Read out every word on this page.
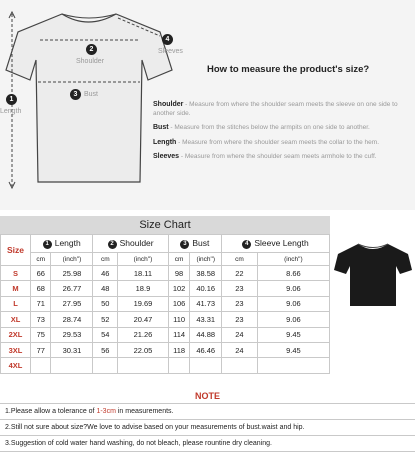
1
Length
2
Shoulder
3 Bust
4
Sleeves
How to measure the product's size?
Shoulder - Measure from where the shoulder seam meets the sleeve on one side to another side.
Bust - Measure from the stitches below the armpits on one side to another.
Length - Measure from where the shoulder seam meets the collar to the hem.
Sleeves - Measure from where the shoulder seam meets armhole to the cuff.
Size Chart
Size	1 Length		2 Shoulder		3 Bust		4 Sleeve Length	
	cm	(inch")	cm	(inch")	cm	(inch")	cm	(inch")
S	66	25.98	46	18.11	98	38.58	22	8.66
M	68	26.77	48	18.9	102	40.16	23	9.06
L	71	27.95	50	19.69	106	41.73	23	9.06
XL	73	28.74	52	20.47	110	43.31	23	9.06
2XL	75	29.53	54	21.26	114	44.88	24	9.45
3XL	77	30.31	56	22.05	118	46.46	24	9.45
4XL								
NOTE
1.Please allow a tolerance of 1-3cm in measurements.
2.Still not sure about size?We love to advise based on your measurements of bust.waist and hip.
3.Suggestion of cold water hand washing, do not bleach, please rountine dry cleaning.
